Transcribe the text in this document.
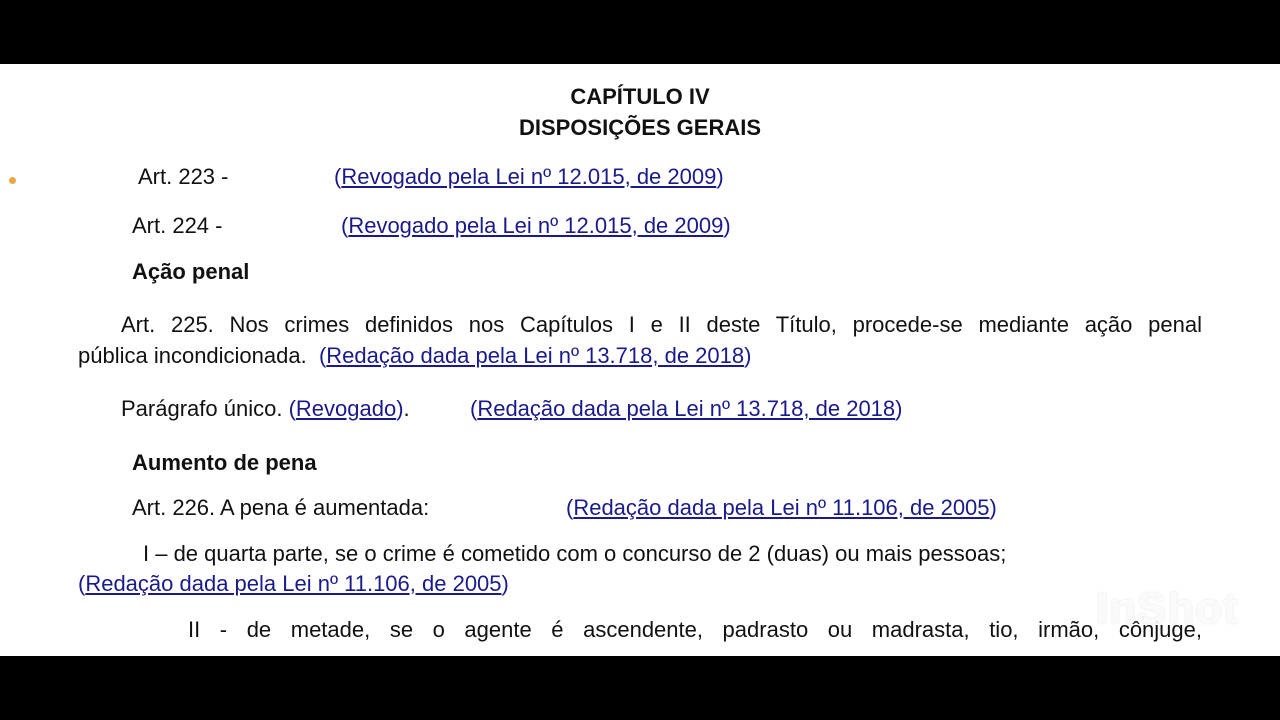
CAPÍTULO IV
DISPOSIÇÕES GERAIS
Art. 223 -	(Revogado pela Lei nº 12.015, de 2009)
Art. 224 -	(Revogado pela Lei nº 12.015, de 2009)
Ação penal
Art. 225. Nos crimes definidos nos Capítulos I e II deste Título, procede-se mediante ação penal
pública incondicionada. (Redação dada pela Lei nº 13.718, de 2018)
Parágrafo único. (Revogado).	(Redação dada pela Lei nº 13.718, de 2018)
Aumento de pena
Art. 226. A pena é aumentada:	(Redação dada pela Lei nº 11.106, de 2005)
I – de quarta parte, se o crime é cometido com o concurso de 2 (duas) ou mais pessoas;
(Redação dada pela Lei nº 11.106, de 2005)
II - de metade, se o agente é ascendente, padrasto ou madrasta, tio, irmão, cônjuge,
InShot
